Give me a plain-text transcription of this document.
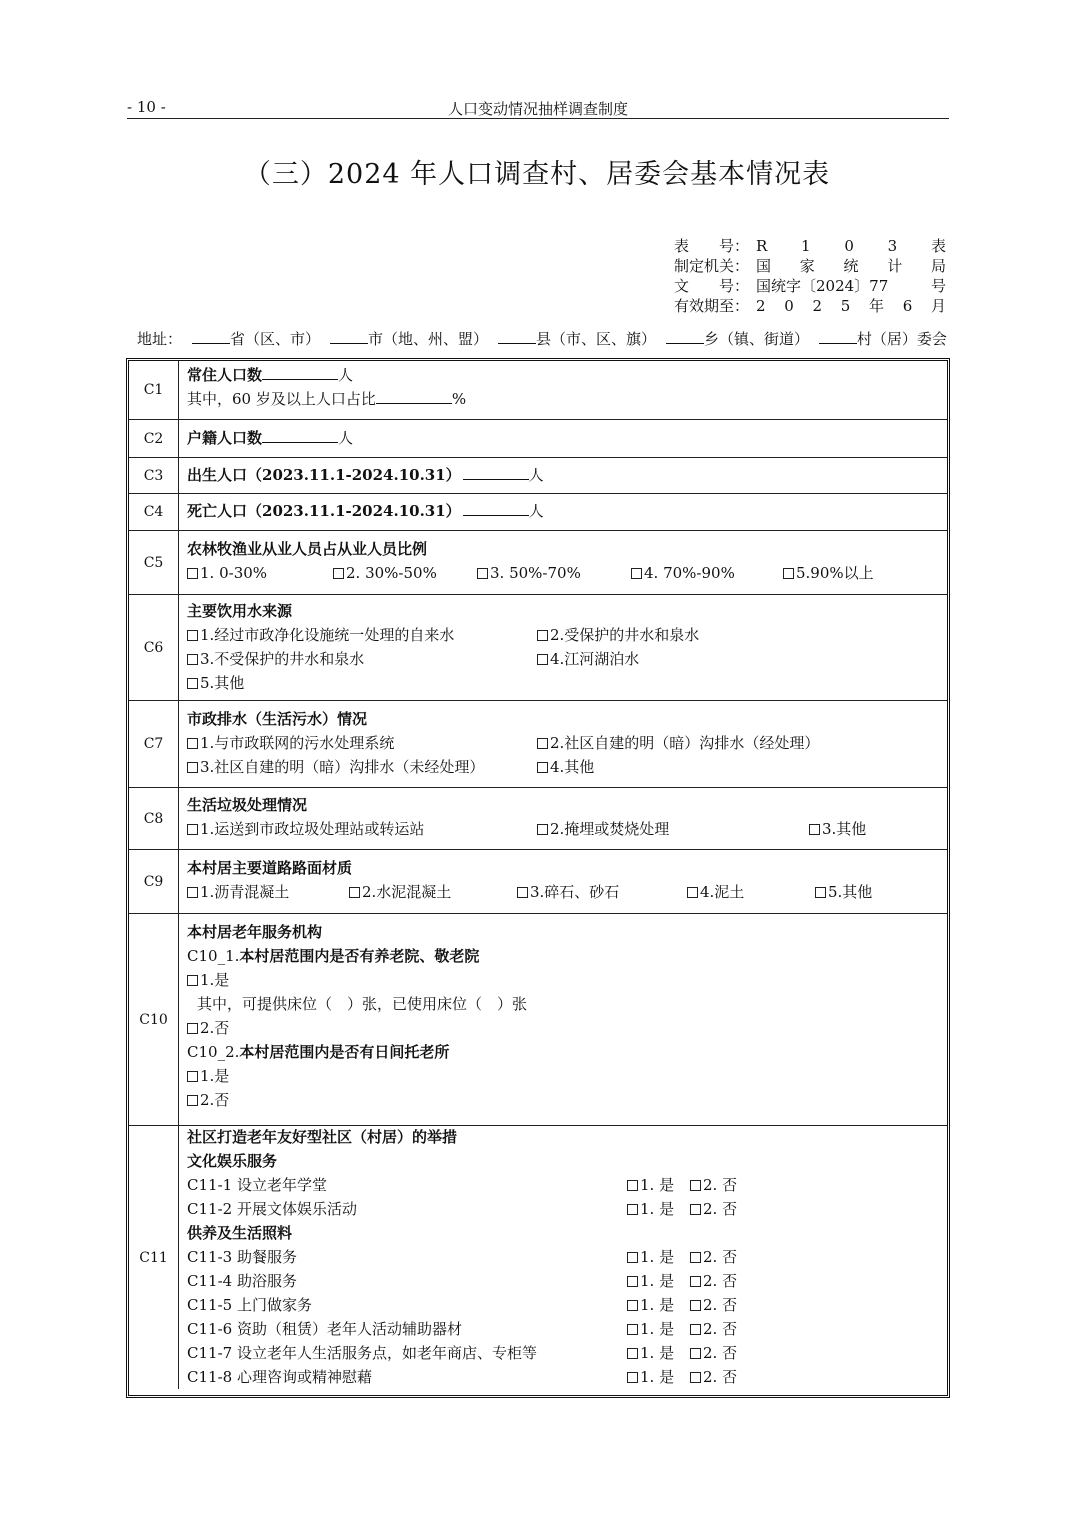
- 10 -	人口变动情况抽样调查制度
（三）2024 年人口调查村、居委会基本情况表
表　　号： R 1 0 3 表
制定机关： 国 家 统 计 局
文　　号： 国统字〔2024〕77	号
有效期至： 2 0 2 5 年 6 月
地址：	省（区、市）	市（地、州、盟）	县（市、区、旗）	乡（镇、街道）	村（居）委会
C1
常住人口数	人
其中，60 岁及以上人口占比	%
C2	户籍人口数	人
C3	出生人口（2023.11.1-2024.10.31）	人
C4	死亡人口（2023.11.1-2024.10.31）	人
C5
农林牧渔业从业人员占从业人员比例
1. 0-30%	2. 30%-50%	3. 50%-70%	4. 70%-90%	5.90%以上
C6
主要饮用水来源
1.经过市政净化设施统一处理的自来水	2.受保护的井水和泉水
3.不受保护的井水和泉水	4.江河湖泊水
5.其他
C7
市政排水（生活污水）情况
1.与市政联网的污水处理系统	2.社区自建的明（暗）沟排水（经处理）
3.社区自建的明（暗）沟排水（未经处理）	4.其他
C8
生活垃圾处理情况
1.运送到市政垃圾处理站或转运站	2.掩埋或焚烧处理	3.其他
C9
本村居主要道路路面材质
1.沥青混凝土	2.水泥混凝土	3.碎石、砂石	4.泥土	5.其他
C10
本村居老年服务机构
C10_1.本村居范围内是否有养老院、敬老院
1.是
其中，可提供床位（　）张，已使用床位（　）张
2.否
C10_2.本村居范围内是否有日间托老所
1.是
2.否
C11
社区打造老年友好型社区（村居）的举措
文化娱乐服务
C11-1 设立老年学堂	1. 是	2. 否
C11-2 开展文体娱乐活动	1. 是	2. 否
供养及生活照料
C11-3 助餐服务	1. 是	2. 否
C11-4 助浴服务	1. 是	2. 否
C11-5 上门做家务	1. 是	2. 否
C11-6 资助（租赁）老年人活动辅助器材	1. 是	2. 否
C11-7 设立老年人生活服务点，如老年商店、专柜等	1. 是	2. 否
C11-8 心理咨询或精神慰藉	1. 是	2. 否
